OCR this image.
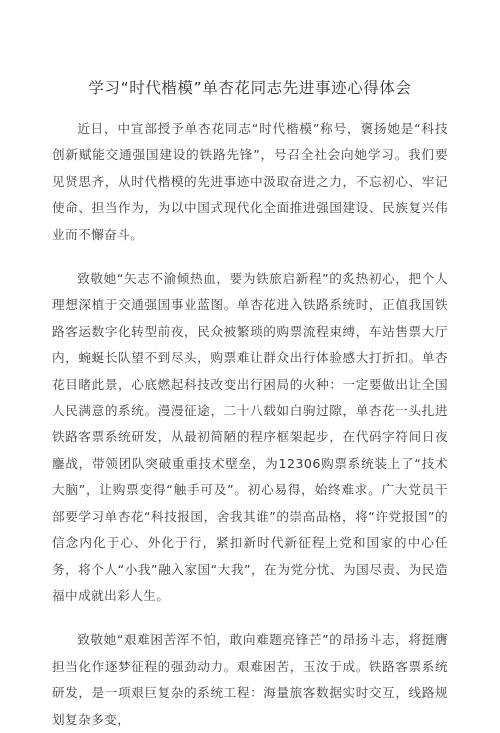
学习“时代楷模”单杏花同志先进事迹心得体会

近日，中宣部授予单杏花同志“时代楷模”称号，褒扬她是“科技创新赋能交通强国建设的铁路先锋”，号召全社会向她学习。我们要见贤思齐，从时代楷模的先进事迹中汲取奋进之力，不忘初心、牢记使命、担当作为，为以中国式现代化全面推进强国建设、民族复兴伟业而不懈奋斗。

致敬她“矢志不渝倾热血，要为铁旅启新程”的炙热初心，把个人理想深植于交通强国事业蓝图。单杏花进入铁路系统时，正值我国铁路客运数字化转型前夜，民众被繁琐的购票流程束缚，车站售票大厅内，蜿蜒长队望不到尽头，购票难让群众出行体验感大打折扣。单杏花目睹此景，心底燃起科技改变出行困局的火种：一定要做出让全国人民满意的系统。漫漫征途，二十八载如白驹过隙，单杏花一头扎进铁路客票系统研发，从最初简陋的程序框架起步，在代码字符间日夜鏖战，带领团队突破重重技术壁垒，为12306购票系统装上了“技术大脑”，让购票变得“触手可及”。初心易得，始终难求。广大党员干部要学习单杏花“科技报国，舍我其谁”的崇高品格，将“许党报国”的信念内化于心、外化于行，紧扣新时代新征程上党和国家的中心任务，将个人“小我”融入家国“大我”，在为党分忧、为国尽责、为民造福中成就出彩人生。

致敬她“艰难困苦浑不怕，敢向难题亮锋芒”的昂扬斗志，将挺膺担当化作逐梦征程的强劲动力。艰难困苦，玉汝于成。铁路客票系统研发，是一项艰巨复杂的系统工程：海量旅客数据实时交互，线路规划复杂多变，
